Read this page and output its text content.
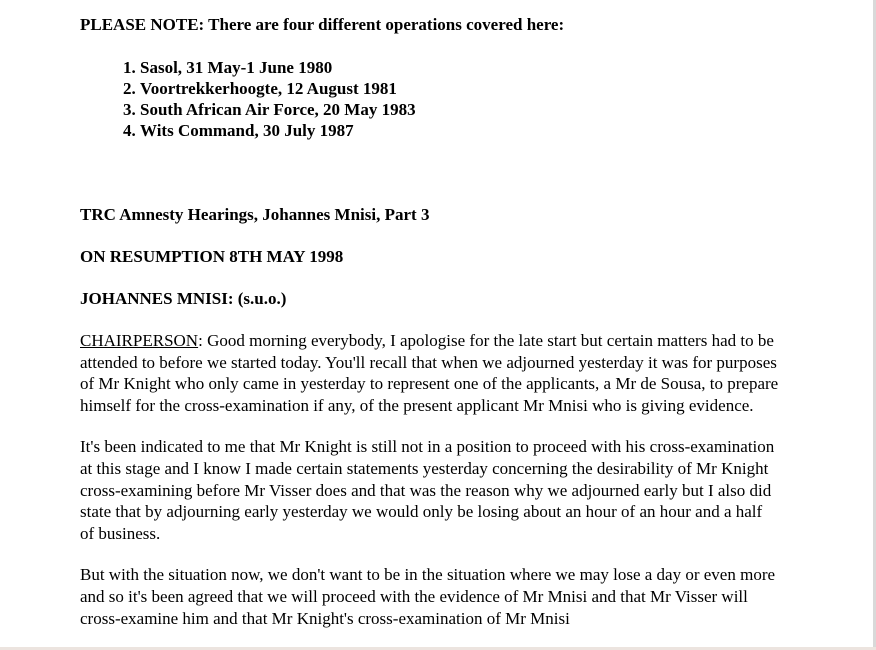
PLEASE NOTE: There are four different operations covered here:

1. Sasol, 31 May-1 June 1980
2. Voortrekkerhoogte, 12 August 1981
3. South African Air Force, 20 May 1983
4. Wits Command, 30 July 1987

TRC Amnesty Hearings, Johannes Mnisi, Part 3

ON RESUMPTION 8TH MAY 1998

JOHANNES MNISI: (s.u.o.)

CHAIRPERSON: Good morning everybody, I apologise for the late start but certain matters had to be attended to before we started today. You'll recall that when we adjourned yesterday it was for purposes of Mr Knight who only came in yesterday to represent one of the applicants, a Mr de Sousa, to prepare himself for the cross-examination if any, of the present applicant Mr Mnisi who is giving evidence.

It's been indicated to me that Mr Knight is still not in a position to proceed with his cross-examination at this stage and I know I made certain statements yesterday concerning the desirability of Mr Knight cross-examining before Mr Visser does and that was the reason why we adjourned early but I also did state that by adjourning early yesterday we would only be losing about an hour of an hour and a half of business.

But with the situation now, we don't want to be in the situation where we may lose a day or even more and so it's been agreed that we will proceed with the evidence of Mr Mnisi and that Mr Visser will cross-examine him and that Mr Knight's cross-examination of Mr Mnisi
